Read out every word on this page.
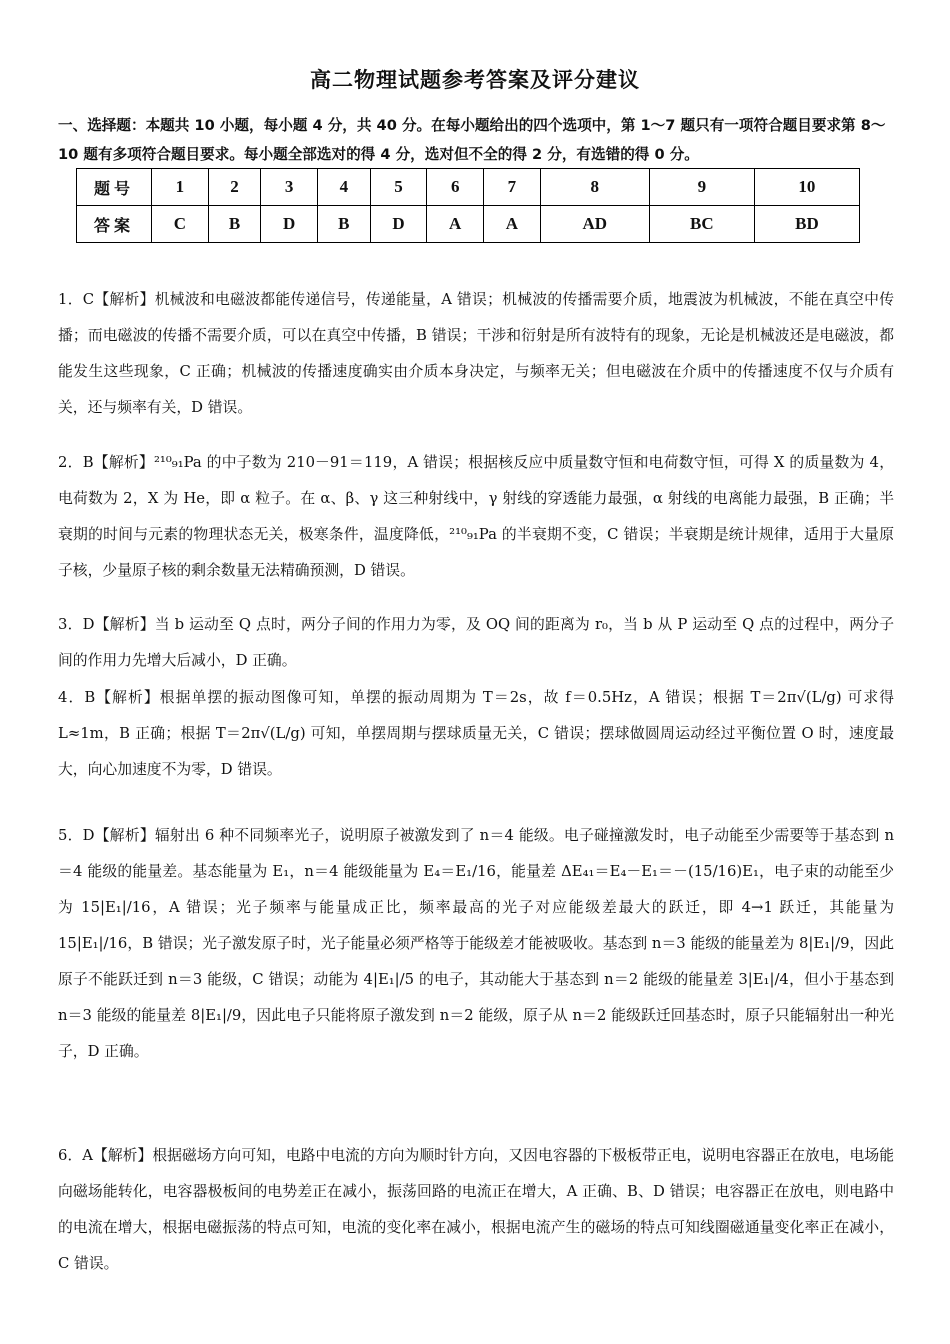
高二物理试题参考答案及评分建议
一、选择题：本题共 10 小题，每小题 4 分，共 40 分。在每小题给出的四个选项中，第 1～7 题只有一项符合题目要求第 8～10 题有多项符合题目要求。每小题全部选对的得 4 分，选对但不全的得 2 分，有选错的得 0 分。
题号	1	2	3	4	5	6	7	8	9	10
答案	C	B	D	B	D	A	A	AD	BC	BD

1．C【解析】机械波和电磁波都能传递信号，传递能量，A 错误；机械波的传播需要介质，地震波为机械波，不能在真空中传播；而电磁波的传播不需要介质，可以在真空中传播，B 错误；干涉和衍射是所有波特有的现象，无论是机械波还是电磁波，都能发生这些现象，C 正确；机械波的传播速度确实由介质本身决定，与频率无关；但电磁波在介质中的传播速度不仅与介质有关，还与频率有关，D 错误。

2．B【解析】²¹⁰₉₁Pa 的中子数为 210－91＝119，A 错误；根据核反应中质量数守恒和电荷数守恒，可得 X 的质量数为 4，电荷数为 2，X 为 He，即 α 粒子。在 α、β、γ 这三种射线中，γ 射线的穿透能力最强，α 射线的电离能力最强，B 正确；半衰期的时间与元素的物理状态无关，极寒条件，温度降低，²¹⁰₉₁Pa 的半衰期不变，C 错误；半衰期是统计规律，适用于大量原子核，少量原子核的剩余数量无法精确预测，D 错误。

3．D【解析】当 b 运动至 Q 点时，两分子间的作用力为零，及 OQ 间的距离为 r₀，当 b 从 P 运动至 Q 点的过程中，两分子间的作用力先增大后减小，D 正确。

4．B【解析】根据单摆的振动图像可知，单摆的振动周期为 T＝2s，故 f＝0.5Hz，A 错误；根据 T＝2π√(L/g) 可求得 L≈1m，B 正确；根据 T＝2π√(L/g) 可知，单摆周期与摆球质量无关，C 错误；摆球做圆周运动经过平衡位置 O 时，速度最大，向心加速度不为零，D 错误。

5．D【解析】辐射出 6 种不同频率光子，说明原子被激发到了 n＝4 能级。电子碰撞激发时，电子动能至少需要等于基态到 n＝4 能级的能量差。基态能量为 E₁，n＝4 能级能量为 E₄＝E₁/16，能量差 ΔE₄₁＝E₄－E₁＝－(15/16)E₁，电子束的动能至少为 15|E₁|/16，A 错误；光子频率与能量成正比，频率最高的光子对应能级差最大的跃迁，即 4→1 跃迁，其能量为 15|E₁|/16，B 错误；光子激发原子时，光子能量必须严格等于能级差才能被吸收。基态到 n＝3 能级的能量差为 8|E₁|/9，因此原子不能跃迁到 n＝3 能级，C 错误；动能为 4|E₁|/5 的电子，其动能大于基态到 n＝2 能级的能量差 3|E₁|/4，但小于基态到 n＝3 能级的能量差 8|E₁|/9，因此电子只能将原子激发到 n＝2 能级，原子从 n＝2 能级跃迁回基态时，原子只能辐射出一种光子，D 正确。

6．A【解析】根据磁场方向可知，电路中电流的方向为顺时针方向，又因电容器的下极板带正电，说明电容器正在放电，电场能向磁场能转化，电容器极板间的电势差正在减小，振荡回路的电流正在增大，A 正确、B、D 错误；电容器正在放电，则电路中的电流在增大，根据电磁振荡的特点可知，电流的变化率在减小，根据电流产生的磁场的特点可知线圈磁通量变化率正在减小，C 错误。
